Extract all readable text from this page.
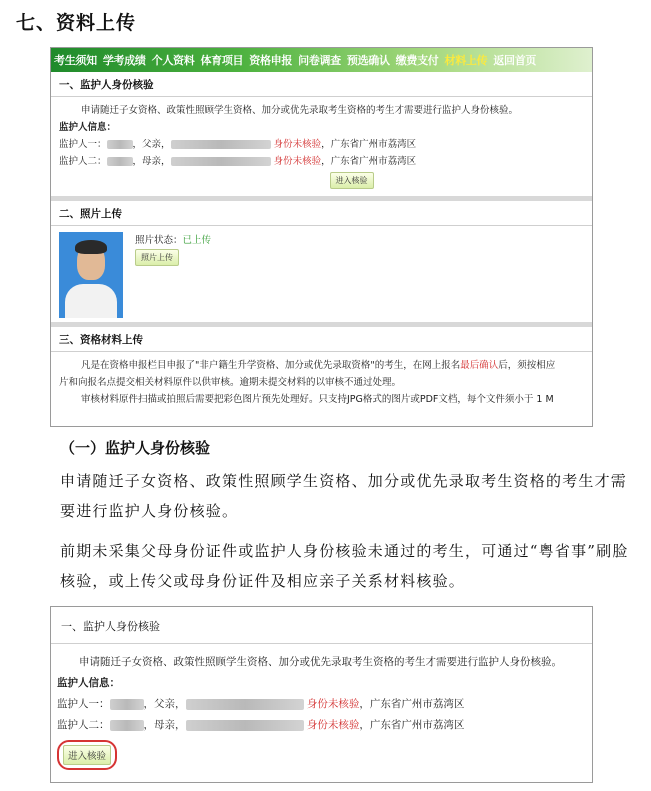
七、资料上传
考生须知 学考成绩 个人资料 体育项目 资格申报 问卷调查 预选确认 缴费支付 材料上传 返回首页
一、监护人身份核验
申请随迁子女资格、政策性照顾学生资格、加分或优先录取考生资格的考生才需要进行监护人身份核验。
监护人信息：
监护人一：	，父亲，	身份未核验，广东省广州市荔湾区
监护人二：	，母亲，	身份未核验，广东省广州市荔湾区
进入核验
二、照片上传
照片状态：已上传
照片上传
三、资格材料上传
凡是在资格申报栏目申报了"非户籍生升学资格、加分或优先录取资格"的考生，在网上报名最后确认后，须按相应
片和向报名点提交相关材料原件以供审核。逾期未提交材料的以审核不通过处理。
审核材料原件扫描或拍照后需要把彩色图片预先处理好。只支持JPG格式的图片或PDF文档，每个文件须小于 1 M
（一）监护人身份核验
申请随迁子女资格、政策性照顾学生资格、加分或优先录取考生资格的考生才需要进行监护人身份核验。
前期未采集父母身份证件或监护人身份核验未通过的考生，可通过“粤省事”刷脸核验，或上传父或母身份证件及相应亲子关系材料核验。
一、监护人身份核验
申请随迁子女资格、政策性照顾学生资格、加分或优先录取考生资格的考生才需要进行监护人身份核验。
监护人信息：
监护人一：	，父亲，	身份未核验，广东省广州市荔湾区
监护人二：	，母亲，	身份未核验，广东省广州市荔湾区
进入核验
